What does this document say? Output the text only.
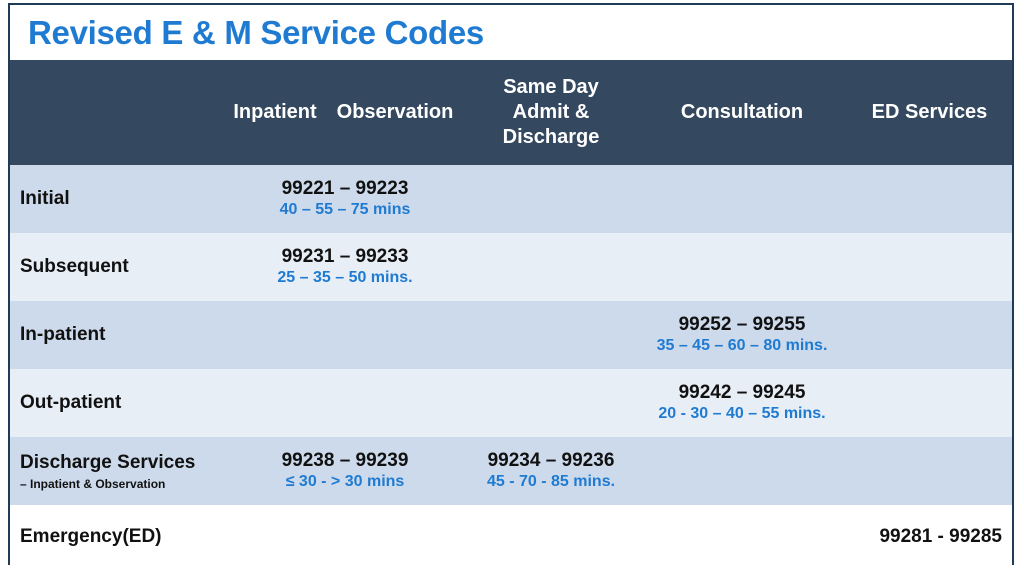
Revised E & M Service Codes
	Inpatient	Observation	Same Day
Admit &
Discharge	Consultation	ED Services
Initial	99221 – 99223
40 – 55 – 75 mins				

Subsequent	99231 – 99233
25 – 35 – 50 mins.				

In-patient				99252 – 99255
35 – 45 – 60 – 80 mins.	

Out-patient				99242 – 99245
20 - 30 – 40 – 55 mins.	

Discharge Services
– Inpatient & Observation	99238 – 99239
≤ 30 - > 30 mins		99234 – 99236
45 - 70 - 85 mins.		

Emergency(ED)					99281 - 99285
